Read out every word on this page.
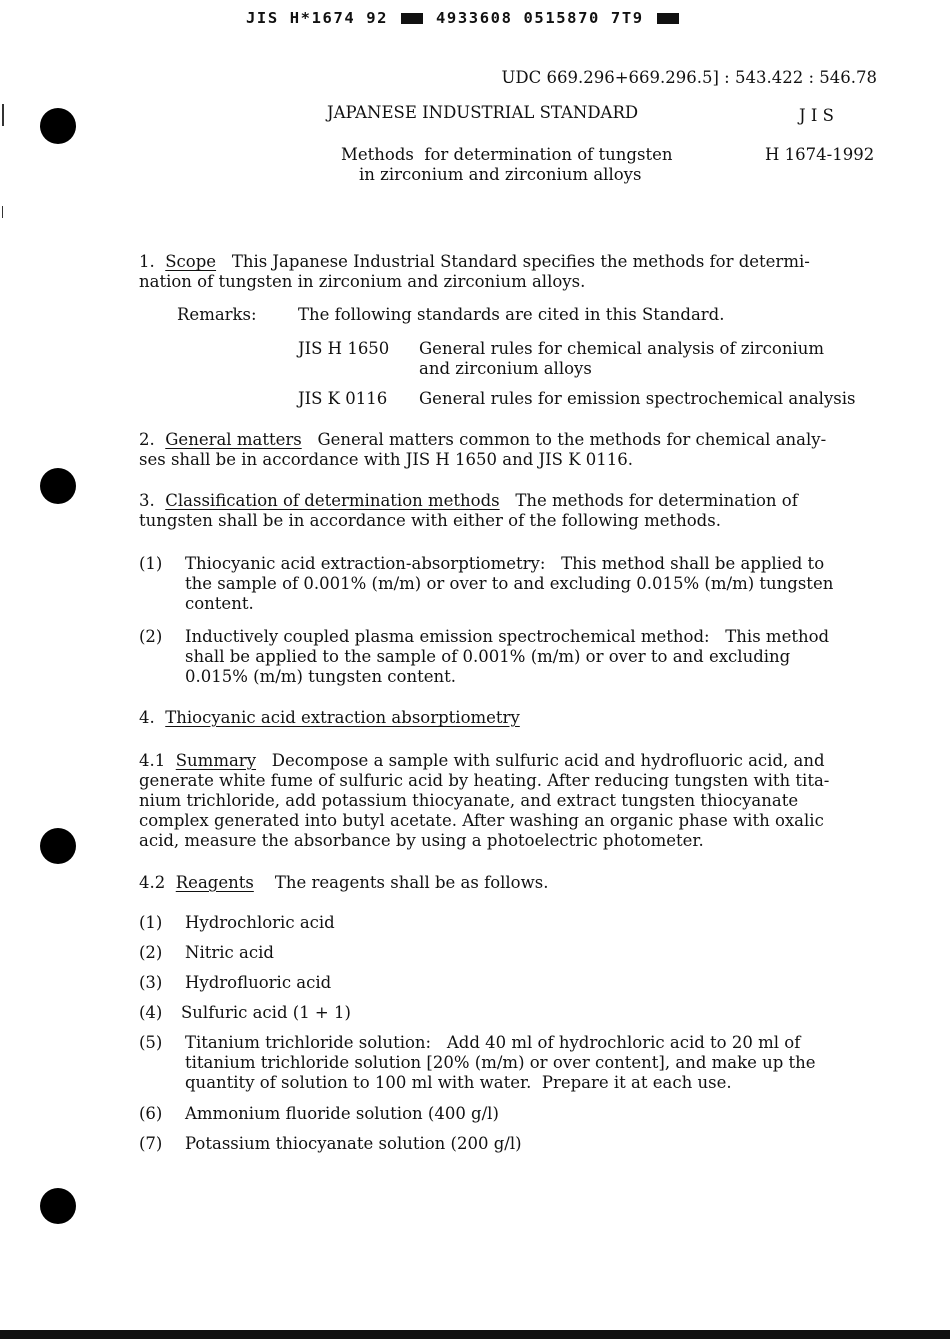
JIS H*1674 92	4933608 0515870 7T9
UDC 669.296+669.296.5] : 543.422 : 546.78
JAPANESE INDUSTRIAL STANDARD	J I S
Methods  for determination of tungsten
in zirconium and zirconium alloys
H 1674-1992
1. Scope This Japanese Industrial Standard specifies the methods for determi-
nation of tungsten in zirconium and zirconium alloys.
Remarks:	The following standards are cited in this Standard.
JIS H 1650 General rules for chemical analysis of zirconium
and zirconium alloys
JIS K 0116 General rules for emission spectrochemical analysis
2. General matters General matters common to the methods for chemical analy-
ses shall be in accordance with JIS H 1650 and JIS K 0116.
3. Classification of determination methods The methods for determination of
tungsten shall be in accordance with either of the following methods.
(1) Thiocyanic acid extraction-absorptiometry:   This method shall be applied to
the sample of 0.001% (m/m) or over to and excluding 0.015% (m/m) tungsten
content.
(2) Inductively coupled plasma emission spectrochemical method:   This method
shall be applied to the sample of 0.001% (m/m) or over to and excluding
0.015% (m/m) tungsten content.
4. Thiocyanic acid extraction absorptiometry
4.1 Summary Decompose a sample with sulfuric acid and hydrofluoric acid, and
generate white fume of sulfuric acid by heating. After reducing tungsten with tita-
nium trichloride, add potassium thiocyanate, and extract tungsten thiocyanate
complex generated into butyl acetate. After washing an organic phase with oxalic
acid, measure the absorbance by using a photoelectric photometer.
4.2 Reagents The reagents shall be as follows.
(1) Hydrochloric acid
(2) Nitric acid
(3) Hydrofluoric acid
(4) Sulfuric acid (1 + 1)
(5) Titanium trichloride solution:   Add 40 ml of hydrochloric acid to 20 ml of
titanium trichloride solution [20% (m/m) or over content], and make up the
quantity of solution to 100 ml with water.  Prepare it at each use.
(6) Ammonium fluoride solution (400 g/l)
(7) Potassium thiocyanate solution (200 g/l)
